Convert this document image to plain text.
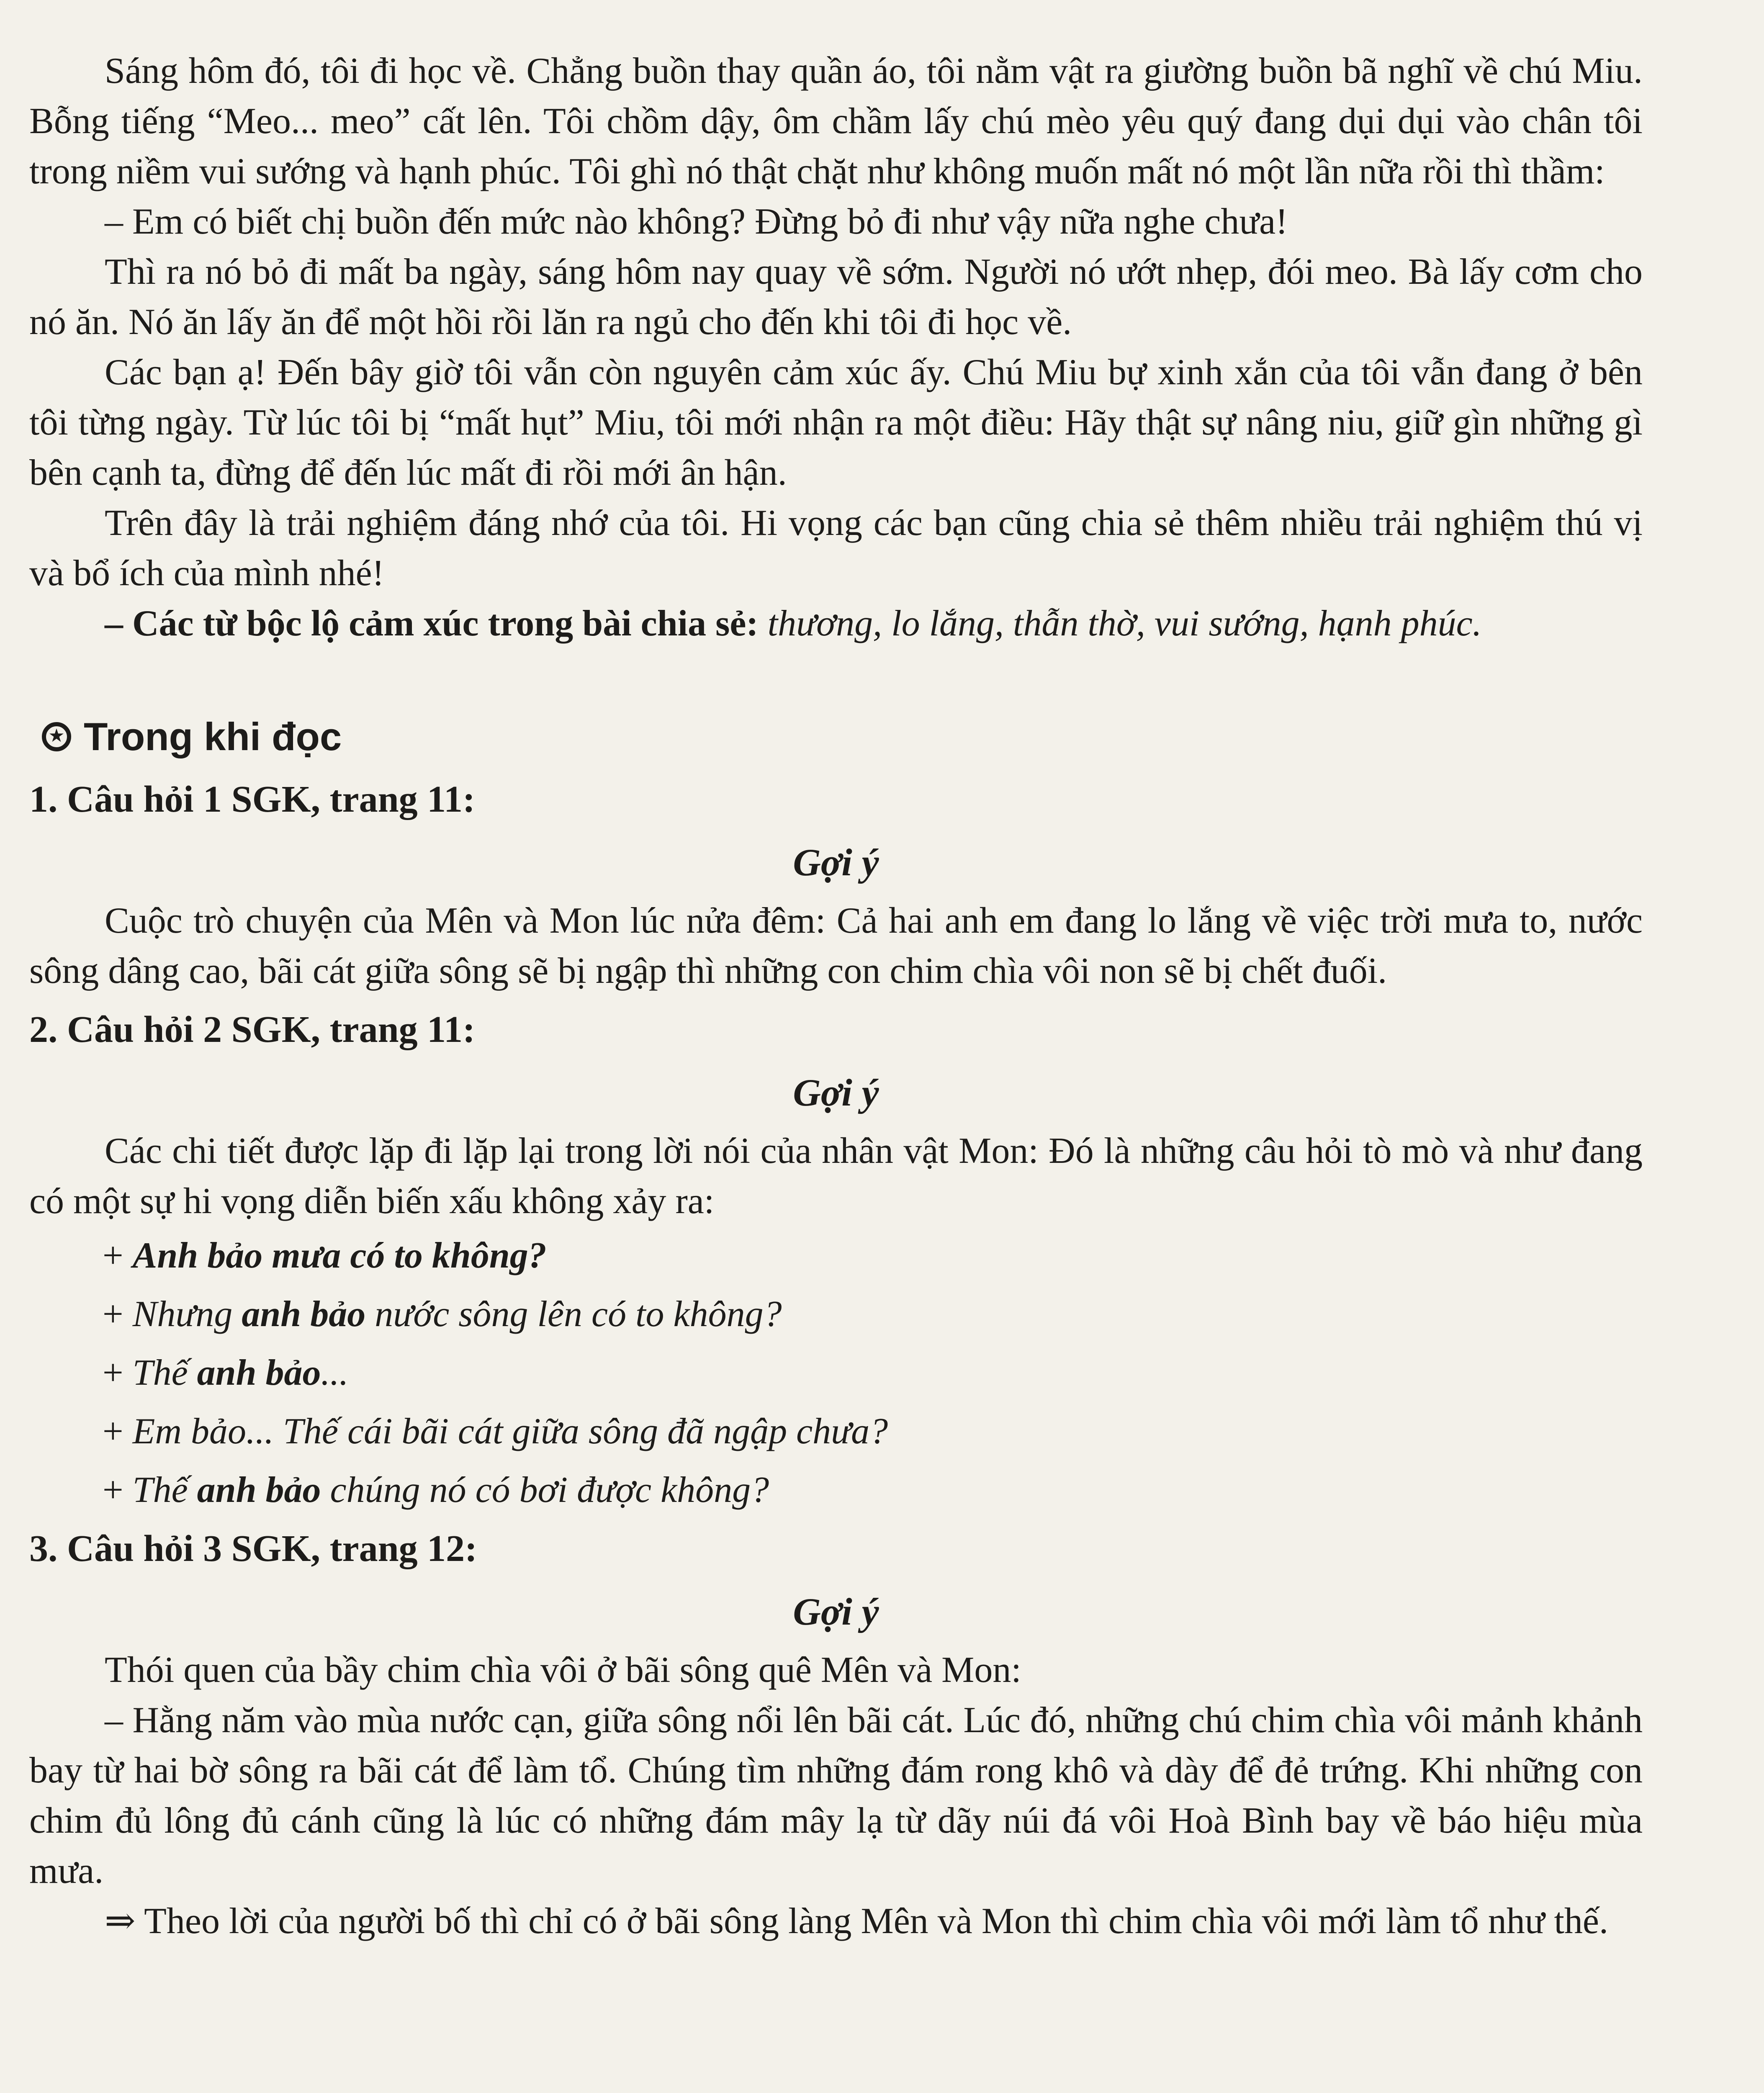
Sáng hôm đó, tôi đi học về. Chẳng buồn thay quần áo, tôi nằm vật ra giường buồn bã nghĩ về chú Miu. Bỗng tiếng “Meo... meo” cất lên. Tôi chồm dậy, ôm chầm lấy chú mèo yêu quý đang dụi dụi vào chân tôi trong niềm vui sướng và hạnh phúc. Tôi ghì nó thật chặt như không muốn mất nó một lần nữa rồi thì thầm:

– Em có biết chị buồn đến mức nào không? Đừng bỏ đi như vậy nữa nghe chưa!

Thì ra nó bỏ đi mất ba ngày, sáng hôm nay quay về sớm. Người nó ướt nhẹp, đói meo. Bà lấy cơm cho nó ăn. Nó ăn lấy ăn để một hồi rồi lăn ra ngủ cho đến khi tôi đi học về.

Các bạn ạ! Đến bây giờ tôi vẫn còn nguyên cảm xúc ấy. Chú Miu bự xinh xắn của tôi vẫn đang ở bên tôi từng ngày. Từ lúc tôi bị “mất hụt” Miu, tôi mới nhận ra một điều: Hãy thật sự nâng niu, giữ gìn những gì bên cạnh ta, đừng để đến lúc mất đi rồi mới ân hận.

Trên đây là trải nghiệm đáng nhớ của tôi. Hi vọng các bạn cũng chia sẻ thêm nhiều trải nghiệm thú vị và bổ ích của mình nhé!

– Các từ bộc lộ cảm xúc trong bài chia sẻ: thương, lo lắng, thẫn thờ, vui sướng, hạnh phúc.

★
Trong khi đọc
1. Câu hỏi 1 SGK, trang 11:
Gợi ý

Cuộc trò chuyện của Mên và Mon lúc nửa đêm: Cả hai anh em đang lo lắng về việc trời mưa to, nước sông dâng cao, bãi cát giữa sông sẽ bị ngập thì những con chim chìa vôi non sẽ bị chết đuối.

2. Câu hỏi 2 SGK, trang 11:
Gợi ý

Các chi tiết được lặp đi lặp lại trong lời nói của nhân vật Mon: Đó là những câu hỏi tò mò và như đang có một sự hi vọng diễn biến xấu không xảy ra:

+ Anh bảo mưa có to không?

+ Nhưng anh bảo nước sông lên có to không?

+ Thế anh bảo...

+ Em bảo... Thế cái bãi cát giữa sông đã ngập chưa?

+ Thế anh bảo chúng nó có bơi được không?

3. Câu hỏi 3 SGK, trang 12:
Gợi ý

Thói quen của bầy chim chìa vôi ở bãi sông quê Mên và Mon:

– Hằng năm vào mùa nước cạn, giữa sông nổi lên bãi cát. Lúc đó, những chú chim chìa vôi mảnh khảnh bay từ hai bờ sông ra bãi cát để làm tổ. Chúng tìm những đám rong khô và dày để đẻ trứng. Khi những con chim đủ lông đủ cánh cũng là lúc có những đám mây lạ từ dãy núi đá vôi Hoà Bình bay về báo hiệu mùa mưa.

⇒ Theo lời của người bố thì chỉ có ở bãi sông làng Mên và Mon thì chim chìa vôi mới làm tổ như thế.
